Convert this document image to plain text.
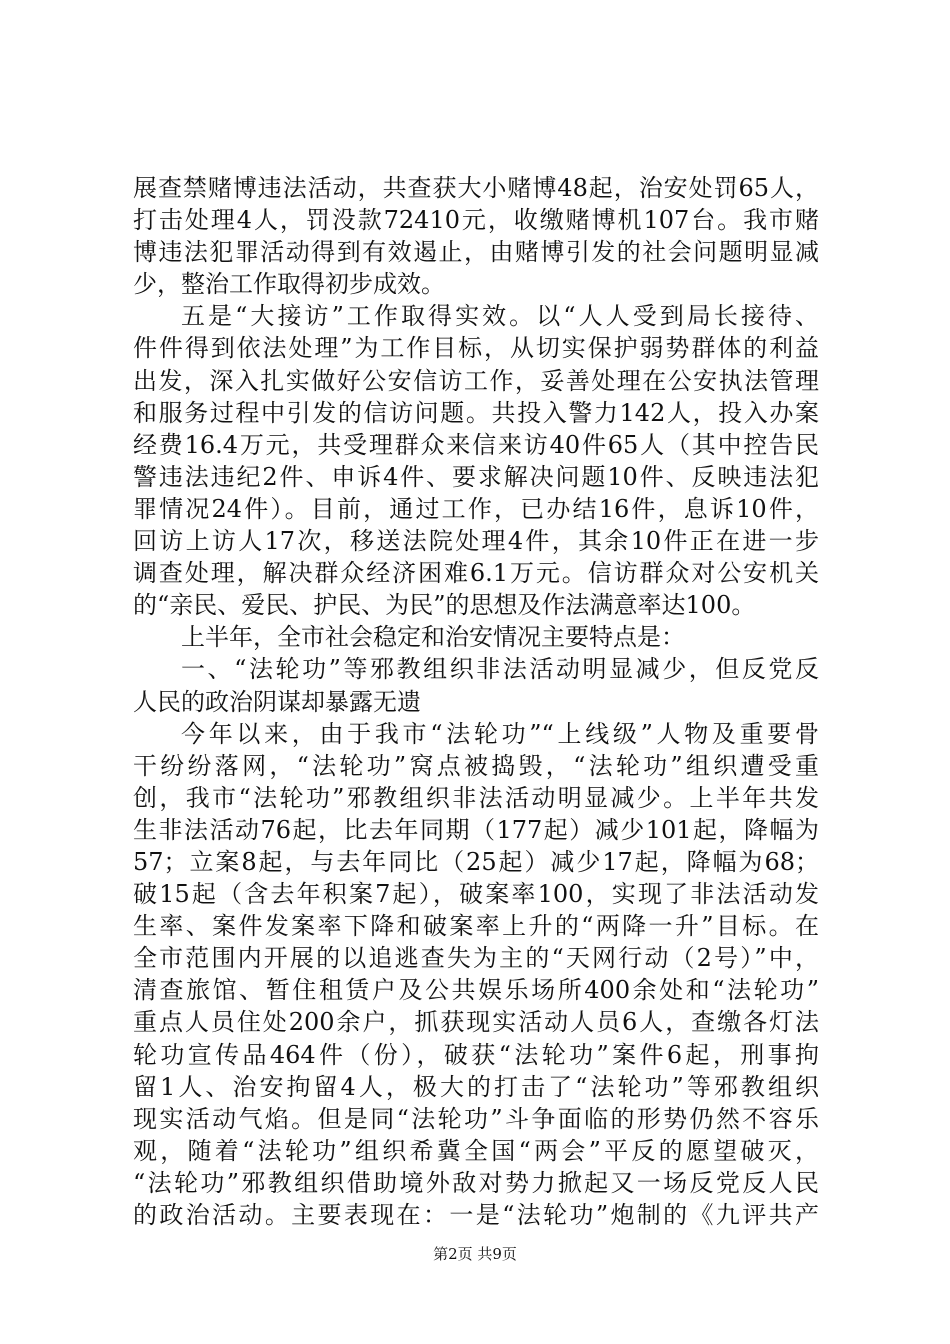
展查禁赌博违法活动，共查获大小赌博48起，治安处罚65人，
打击处理4人，罚没款72410元，收缴赌博机107台。我市赌
博违法犯罪活动得到有效遏止，由赌博引发的社会问题明显减
少，整治工作取得初步成效。
五是“大接访”工作取得实效。以“人人受到局长接待、
件件得到依法处理”为工作目标，从切实保护弱势群体的利益
出发，深入扎实做好公安信访工作，妥善处理在公安执法管理
和服务过程中引发的信访问题。共投入警力142人，投入办案
经费16.4万元，共受理群众来信来访40件65人（其中控告民
警违法违纪2件、申诉4件、要求解决问题10件、反映违法犯
罪情况24件）。目前，通过工作，已办结16件，息诉10件，
回访上访人17次，移送法院处理4件，其余10件正在进一步
调查处理，解决群众经济困难6.1万元。信访群众对公安机关
的“亲民、爱民、护民、为民”的思想及作法满意率达100。
上半年，全市社会稳定和治安情况主要特点是：
一、“法轮功”等邪教组织非法活动明显减少，但反党反
人民的政治阴谋却暴露无遗
今年以来，由于我市“法轮功”“上线级”人物及重要骨
干纷纷落网，“法轮功”窝点被捣毁，“法轮功”组织遭受重
创，我市“法轮功”邪教组织非法活动明显减少。上半年共发
生非法活动76起，比去年同期（177起）减少101起，降幅为
57；立案8起，与去年同比（25起）减少17起，降幅为68；
破15起（含去年积案7起），破案率100，实现了非法活动发
生率、案件发案率下降和破案率上升的“两降一升”目标。在
全市范围内开展的以追逃查失为主的“天网行动（2号）”中，
清查旅馆、暂住租赁户及公共娱乐场所400余处和“法轮功”
重点人员住处200余户，抓获现实活动人员6人，查缴各灯法
轮功宣传品464件（份），破获“法轮功”案件6起，刑事拘
留1人、治安拘留4人，极大的打击了“法轮功”等邪教组织
现实活动气焰。但是同“法轮功”斗争面临的形势仍然不容乐
观，随着“法轮功”组织希冀全国“两会”平反的愿望破灭，
“法轮功”邪教组织借助境外敌对势力掀起又一场反党反人民
的政治活动。主要表现在：一是“法轮功”炮制的《九评共产
第2页 共9页
